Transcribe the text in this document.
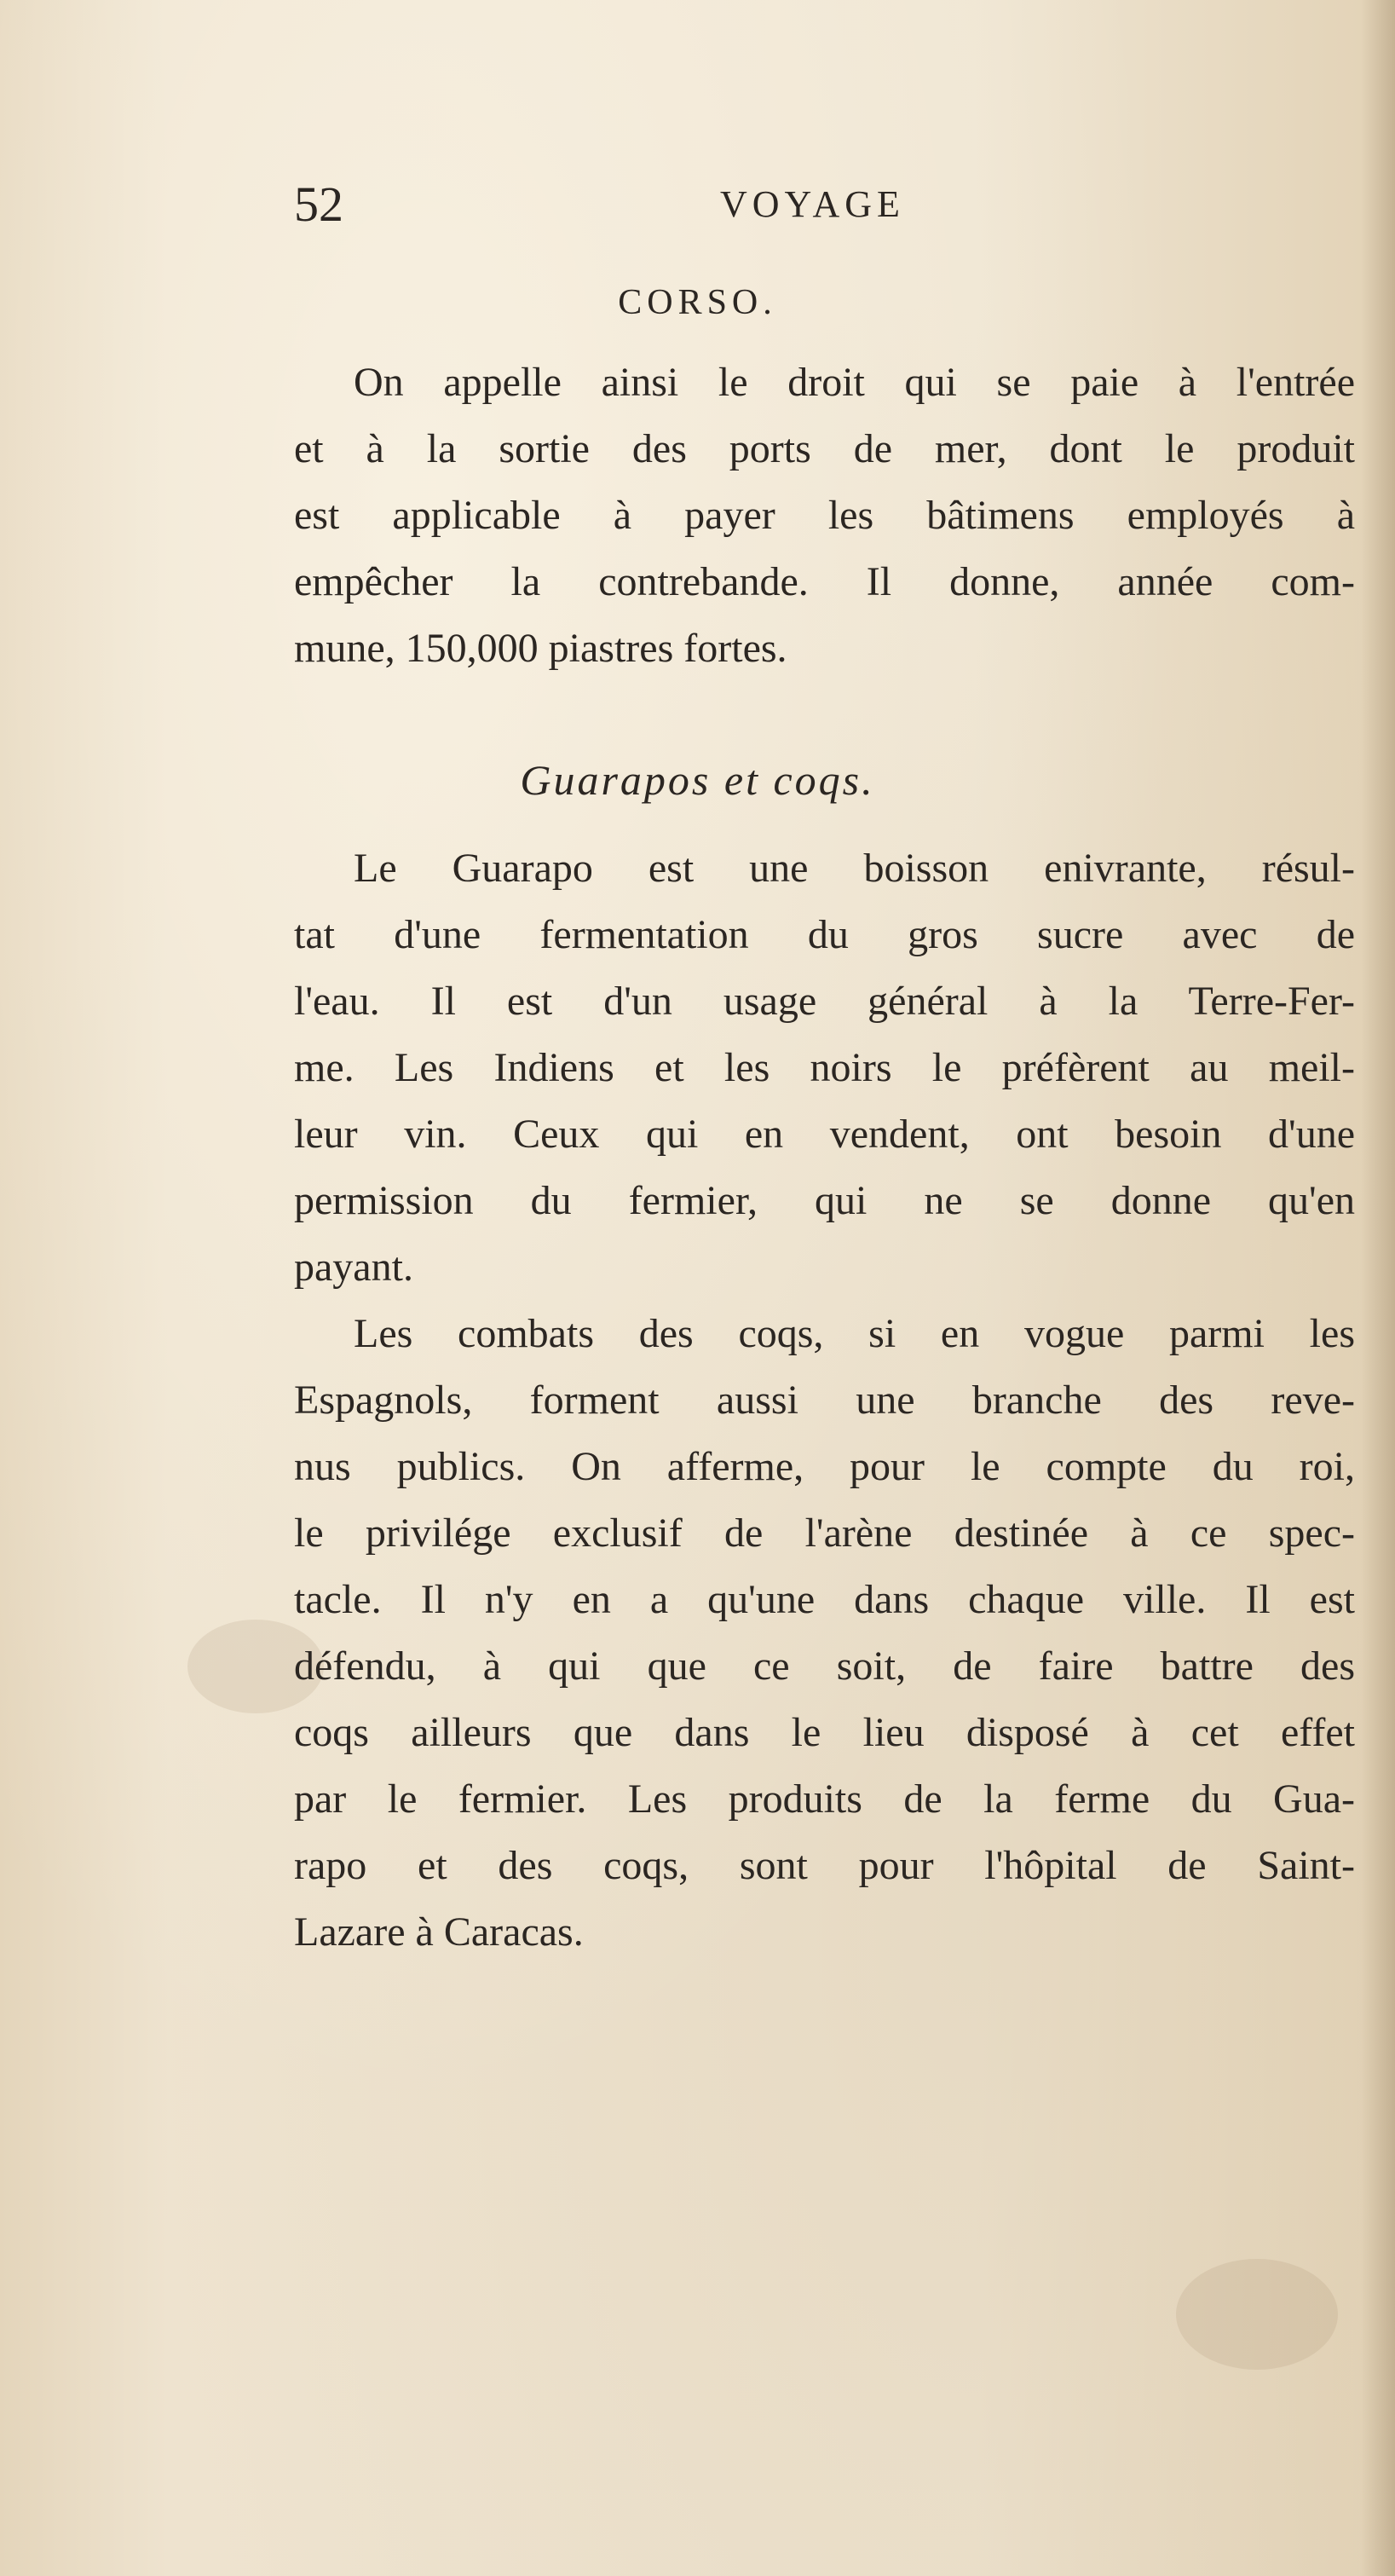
52	VOYAGE
CORSO.
On appelle ainsi le droit qui se paie à l'entrée
et à la sortie des ports de mer, dont le produit
est applicable à payer les bâtimens employés à
empêcher la contrebande. Il donne, année com-
mune, 150,000 piastres fortes.
Guarapos et coqs.
Le Guarapo est une boisson enivrante, résul-
tat d'une fermentation du gros sucre avec de
l'eau. Il est d'un usage général à la Terre-Fer-
me. Les Indiens et les noirs le préfèrent au meil-
leur vin. Ceux qui en vendent, ont besoin d'une
permission du fermier, qui ne se donne qu'en
payant.
Les combats des coqs, si en vogue parmi les
Espagnols, forment aussi une branche des reve-
nus publics. On afferme, pour le compte du roi,
le privilége exclusif de l'arène destinée à ce spec-
tacle. Il n'y en a qu'une dans chaque ville. Il est
défendu, à qui que ce soit, de faire battre des
coqs ailleurs que dans le lieu disposé à cet effet
par le fermier. Les produits de la ferme du Gua-
rapo et des coqs, sont pour l'hôpital de Saint-
Lazare à Caracas.
